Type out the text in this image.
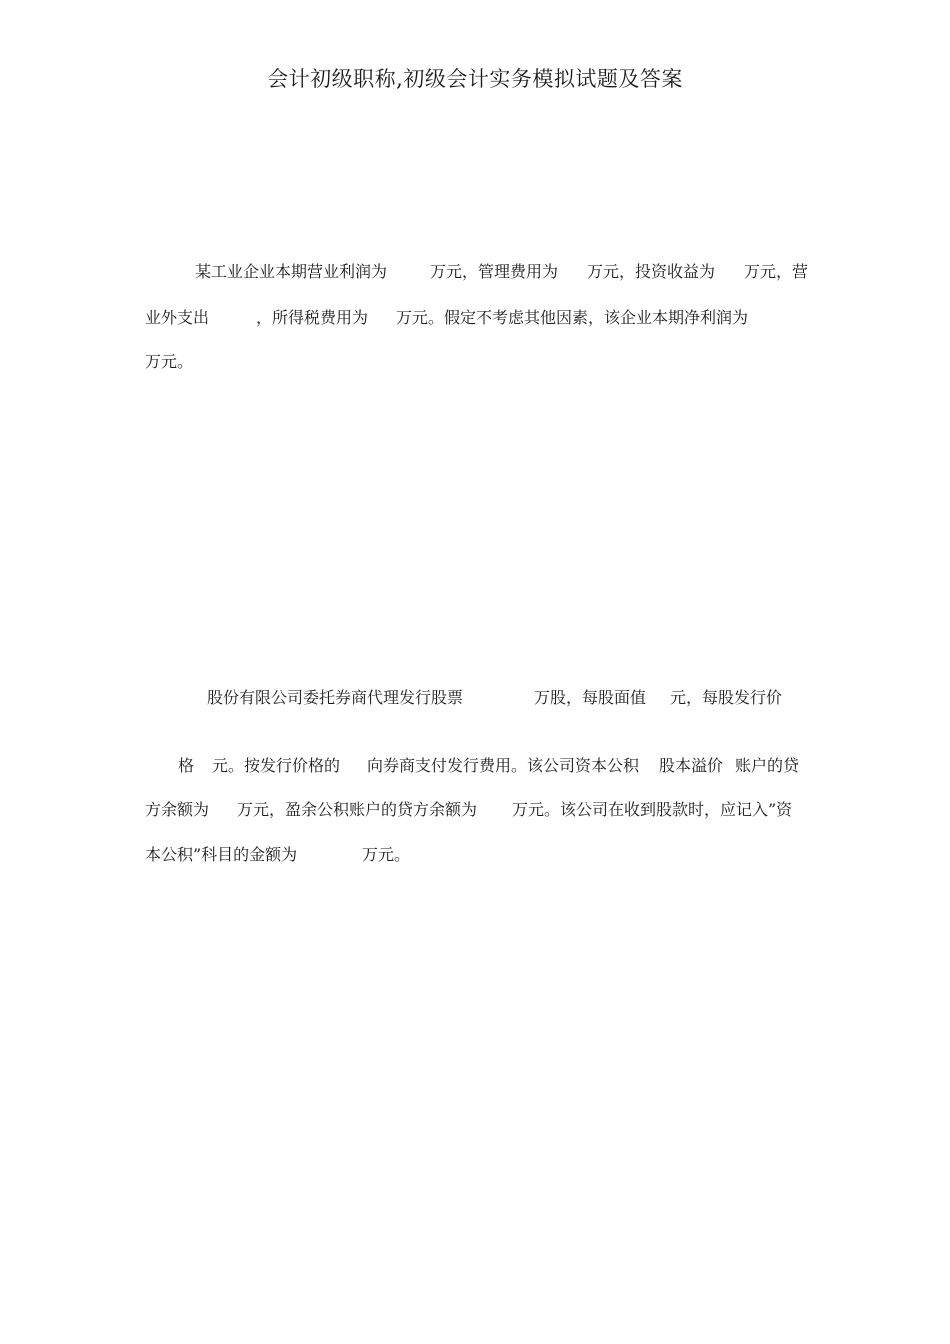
会计初级职称,初级会计实务模拟试题及答案
某工业企业本期营业利润为	万元，管理费用为 万元，投资收益为 万元，营
业外支出	，所得税费用为 万元。假定不考虑其他因素，该企业本期净利润为
万元。
股份有限公司委托券商代理发行股票	万股，每股面值 元，每股发行价
格 元。按发行价格的 向券商支付发行费用。该公司资本公积 股本溢价 账户的贷
方余额为 万元，盈余公积账户的贷方余额为 万元。该公司在收到股款时，应记入”资
本公积”科目的金额为	万元。
